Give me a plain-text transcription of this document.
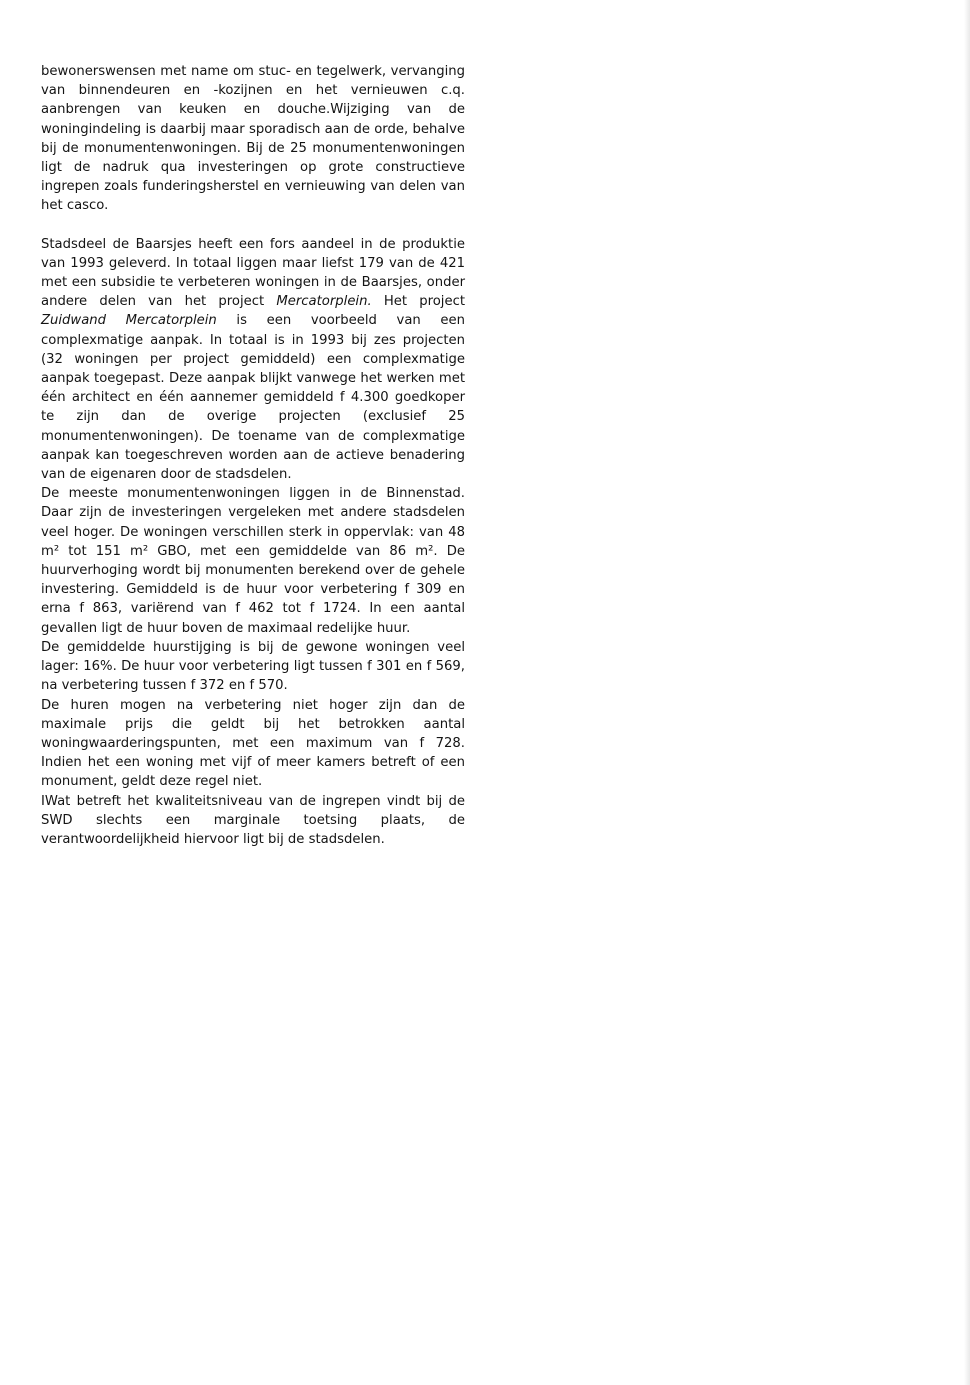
bewonerswensen met name om stuc- en tegelwerk, vervanging van binnendeuren en -kozijnen en het vernieuwen c.q. aanbrengen van keuken en douche.Wijziging van de woningindeling is daarbij maar sporadisch aan de orde, behalve bij de monumentenwoningen. Bij de 25 monumentenwoningen ligt de nadruk qua investeringen op grote constructieve ingrepen zoals funderingsherstel en vernieuwing van delen van het casco.

Stadsdeel de Baarsjes heeft een fors aandeel in de produktie van 1993 geleverd. In totaal liggen maar liefst 179 van de 421 met een subsidie te verbeteren woningen in de Baarsjes, onder andere delen van het project Mercatorplein. Het project Zuidwand Mercatorplein is een voorbeeld van een complexmatige aanpak. In totaal is in 1993 bij zes projecten (32 woningen per project gemiddeld) een complexmatige aanpak toegepast. Deze aanpak blijkt vanwege het werken met één architect en één aannemer gemiddeld f 4.300 goedkoper te zijn dan de overige projecten (exclusief 25 monumentenwoningen). De toename van de complexmatige aanpak kan toegeschreven worden aan de actieve benadering van de eigenaren door de stadsdelen.

De meeste monumentenwoningen liggen in de Binnenstad. Daar zijn de investeringen vergeleken met andere stadsdelen veel hoger. De woningen verschillen sterk in oppervlak: van 48 m² tot 151 m² GBO, met een gemiddelde van 86 m². De huurverhoging wordt bij monumenten berekend over de gehele investering. Gemiddeld is de huur voor verbetering f 309 en erna f 863, variërend van f 462 tot f 1724. In een aantal gevallen ligt de huur boven de maximaal redelijke huur.

De gemiddelde huurstijging is bij de gewone woningen veel lager: 16%. De huur voor verbetering ligt tussen f 301 en f 569, na verbetering tussen f 372 en f 570.

De huren mogen na verbetering niet hoger zijn dan de maximale prijs die geldt bij het betrokken aantal woningwaarderingspunten, met een maximum van f 728. Indien het een woning met vijf of meer kamers betreft of een monument, geldt deze regel niet.

IWat betreft het kwaliteitsniveau van de ingrepen vindt bij de SWD slechts een marginale toetsing plaats, de verantwoordelijkheid hiervoor ligt bij de stadsdelen.
